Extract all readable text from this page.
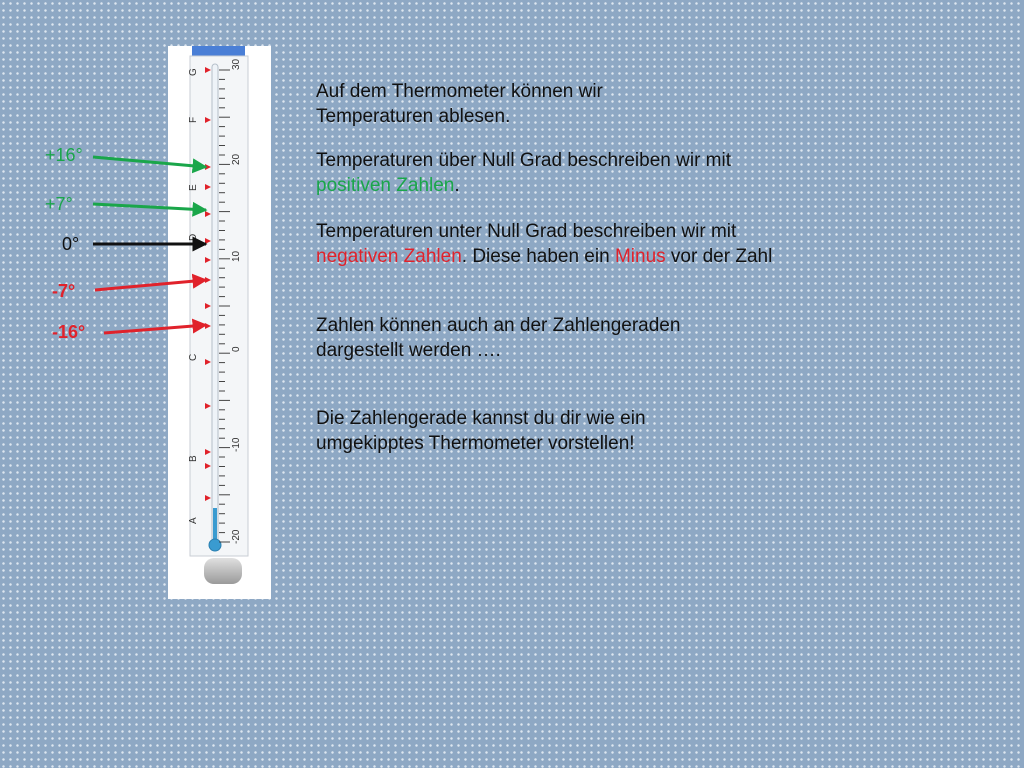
A
B
C
D
E
F
G
-20
-10
0
10
20
30
+16°
+7°
0°
-7°
-16°
Auf dem Thermometer können wir
Temperaturen ablesen.
Temperaturen über Null Grad beschreiben wir mit
positiven Zahlen.
Temperaturen unter Null Grad beschreiben wir mit
negativen Zahlen. Diese haben ein Minus vor der Zahl
Zahlen können auch an der Zahlengeraden
dargestellt werden ….
Die Zahlengerade kannst du dir wie ein
umgekipptes Thermometer vorstellen!
